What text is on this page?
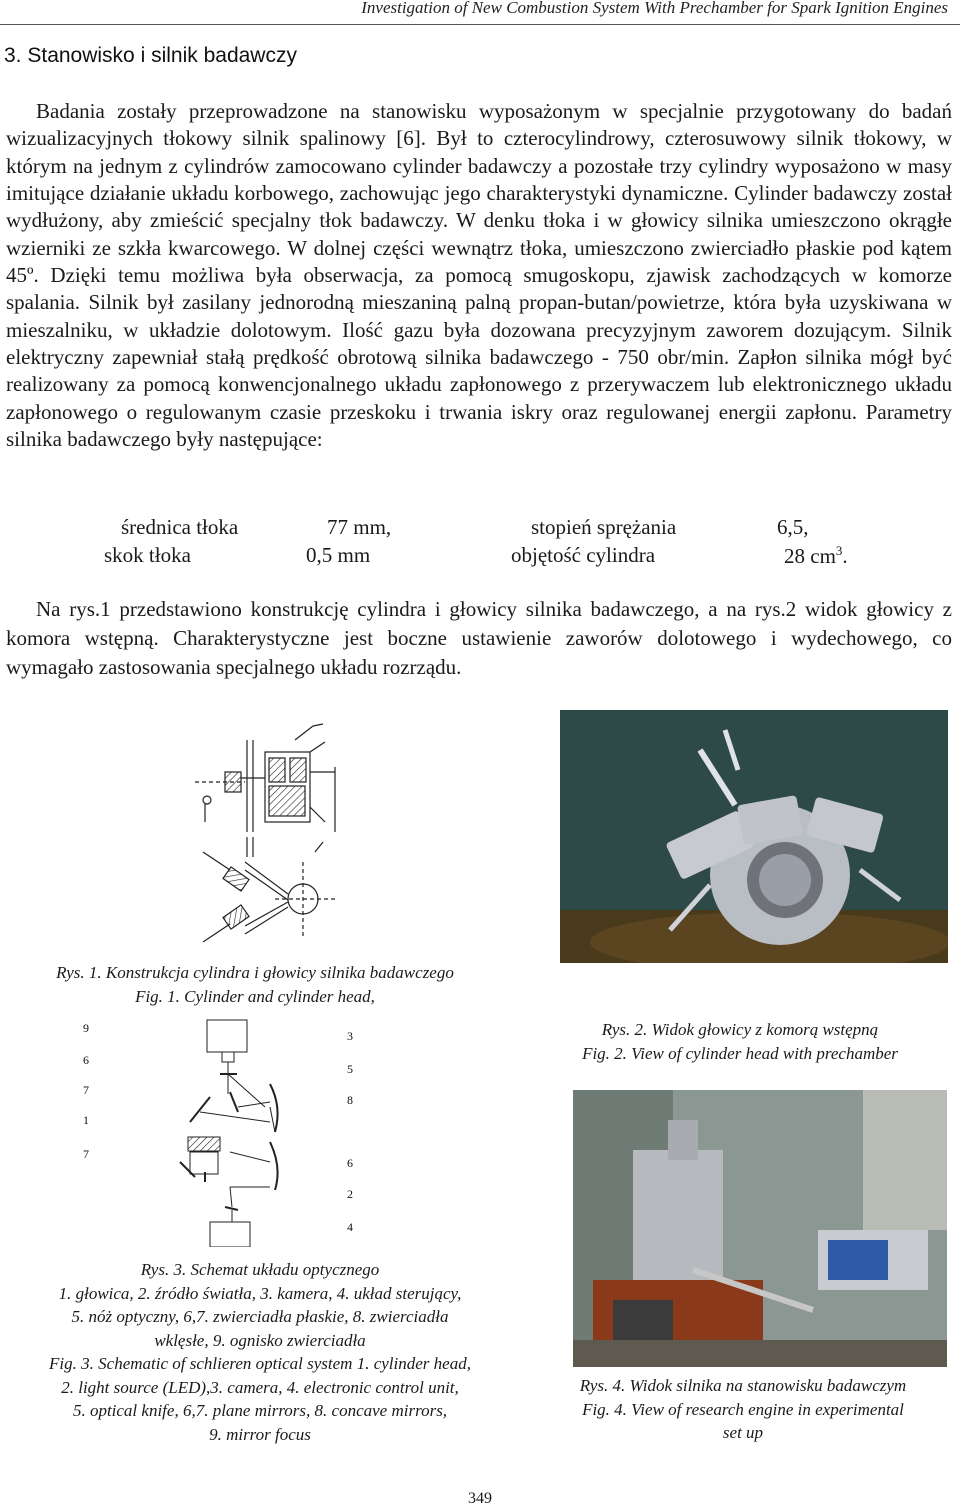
Investigation of New Combustion System With Prechamber for Spark Ignition Engines
3. Stanowisko i silnik badawczy
Badania zostały przeprowadzone na stanowisku wyposażonym w specjalnie przygotowany do badań wizualizacyjnych tłokowy silnik spalinowy [6]. Był to czterocylindrowy, czterosuwowy silnik tłokowy, w którym na jednym z cylindrów zamocowano cylinder badawczy a pozostałe trzy cylindry wyposażono w masy imitujące działanie układu korbowego, zachowując jego charakterystyki dynamiczne. Cylinder badawczy został wydłużony, aby zmieścić specjalny tłok badawczy. W denku tłoka i w głowicy silnika umieszczono okrągłe wzierniki ze szkła kwarcowego. W dolnej części wewnątrz tłoka, umieszczono zwierciadło płaskie pod kątem 45º. Dzięki temu możliwa była obserwacja, za pomocą smugoskopu, zjawisk zachodzących w komorze spalania. Silnik był zasilany jednorodną mieszaniną palną propan-butan/powietrze, która była uzyskiwana w mieszalniku, w układzie dolotowym. Ilość gazu była dozowana precyzyjnym zaworem dozującym. Silnik elektryczny zapewniał stałą prędkość obrotową silnika badawczego - 750 obr/min. Zapłon silnika mógł być realizowany za pomocą konwencjonalnego układu zapłonowego z przerywaczem lub elektronicznego układu zapłonowego o regulowanym czasie przeskoku i trwania iskry oraz regulowanej energii zapłonu. Parametry silnika badawczego były następujące:
średnica tłoka	77 mm,	stopień sprężania	6,5,
skok tłoka	0,5 mm	objętość cylindra	28 $cm^3$.
Na rys.1 przedstawiono konstrukcję cylindra i głowicy silnika badawczego, a na rys.2 widok głowicy z komora wstępną. Charakterystyczne jest boczne ustawienie zaworów dolotowego i wydechowego, co wymagało zastosowania specjalnego układu rozrządu.
Rys. 1. Konstrukcja cylindra i głowicy silnika badawczego
Fig. 1. Cylinder and cylinder head,
Rys. 2. Widok głowicy z komorą wstępną
Fig. 2. View of cylinder head with prechamber
9
6
7
1
7
3
5
8
6
2
4
Rys. 3. Schemat układu optycznego
1. głowica, 2. źródło światła, 3. kamera, 4. układ sterujący,
5. nóż optyczny, 6,7. zwierciadła płaskie, 8. zwierciadła
wklęsłe, 9. ognisko zwierciadła
Fig. 3. Schematic of schlieren optical system 1. cylinder head,
2. light source (LED),3. camera, 4. electronic control unit,
5. optical knife, 6,7. plane mirrors, 8. concave mirrors,
9. mirror focus
Rys. 4. Widok silnika na stanowisku badawczym
Fig. 4. View of research engine in experimental
set up
349
